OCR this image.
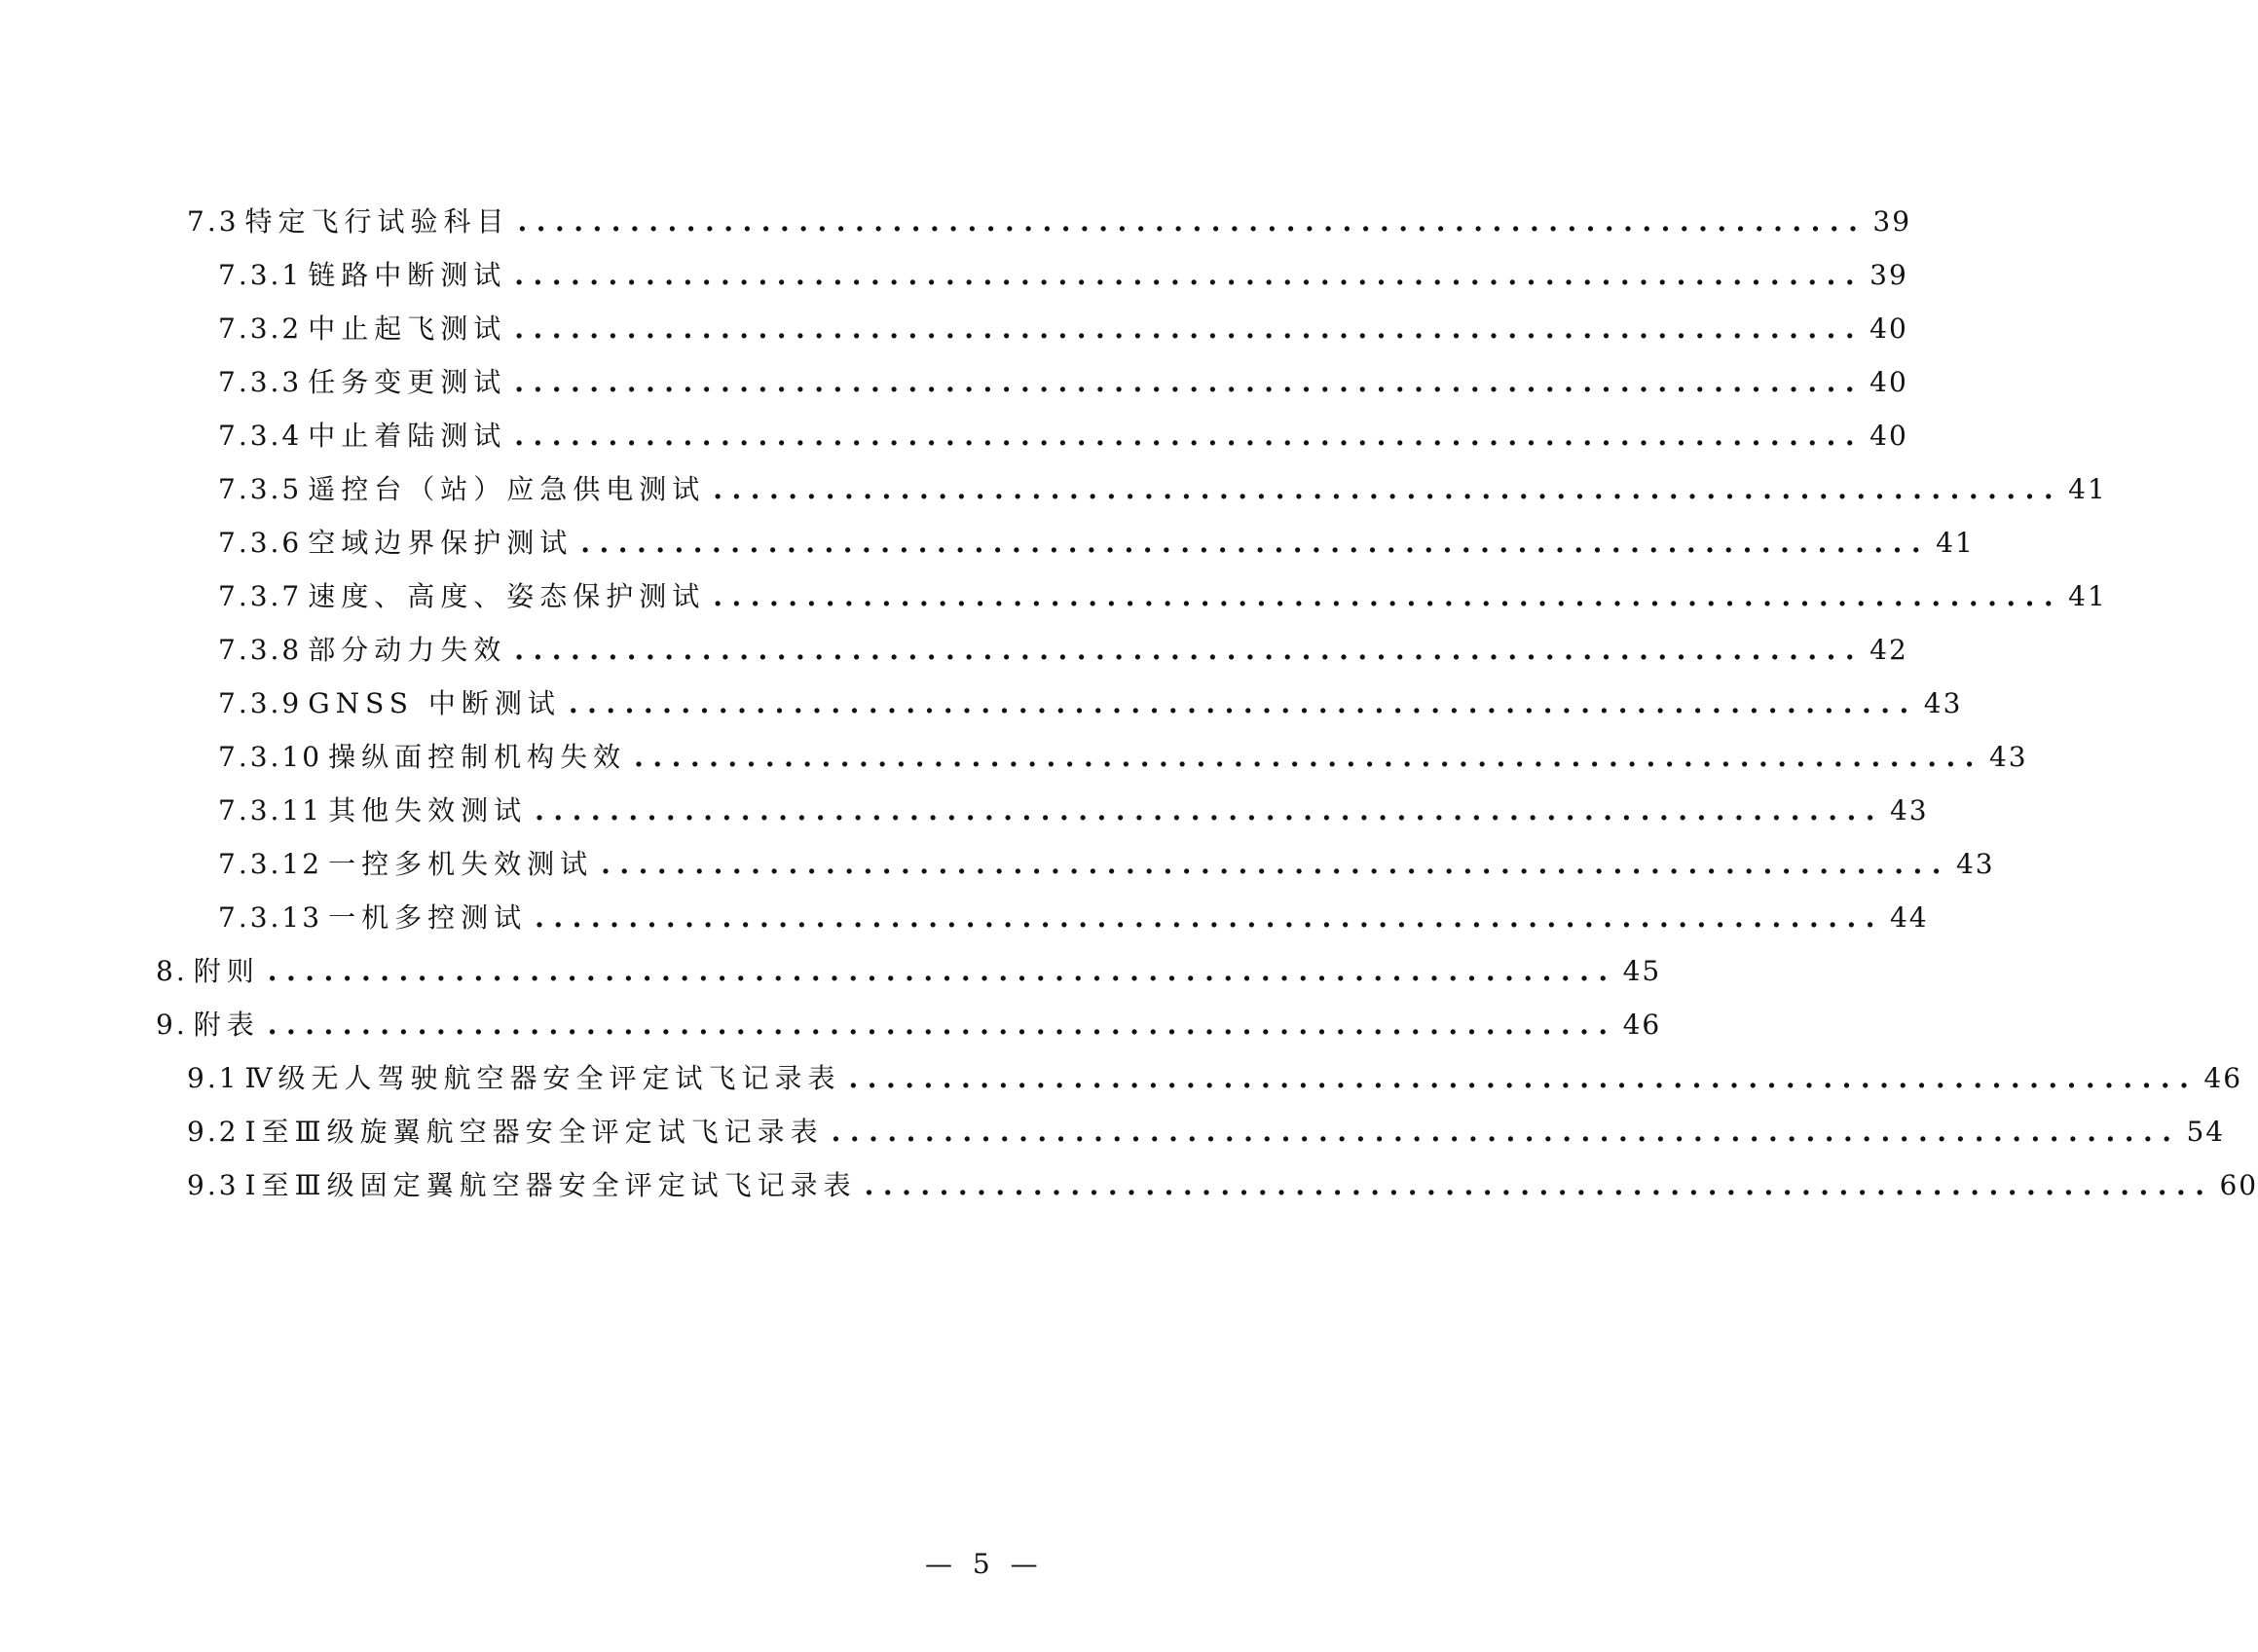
7.3 特定飞行试验科目 ........................................................................ 39
7.3.1 链路中断测试 ........................................................................ 39
7.3.2 中止起飞测试 ........................................................................ 40
7.3.3 任务变更测试 ........................................................................ 40
7.3.4 中止着陆测试 ........................................................................ 40
7.3.5 遥控台（站）应急供电测试 ........................................................................ 41
7.3.6 空域边界保护测试 ........................................................................ 41
7.3.7 速度、高度、姿态保护测试 ........................................................................ 41
7.3.8 部分动力失效 ........................................................................ 42
7.3.9 GNSS 中断测试 ........................................................................ 43
7.3.10 操纵面控制机构失效 ........................................................................ 43
7.3.11 其他失效测试 ........................................................................ 43
7.3.12 一控多机失效测试 ........................................................................ 43
7.3.13 一机多控测试 ........................................................................ 44
8. 附则 ........................................................................ 45
9. 附表 ........................................................................ 46
9.1 Ⅳ级无人驾驶航空器安全评定试飞记录表 ........................................................................ 46
9.2 Ⅰ至Ⅲ级旋翼航空器安全评定试飞记录表 ........................................................................ 54
9.3 Ⅰ至Ⅲ级固定翼航空器安全评定试飞记录表 ........................................................................ 60
— 5 —
